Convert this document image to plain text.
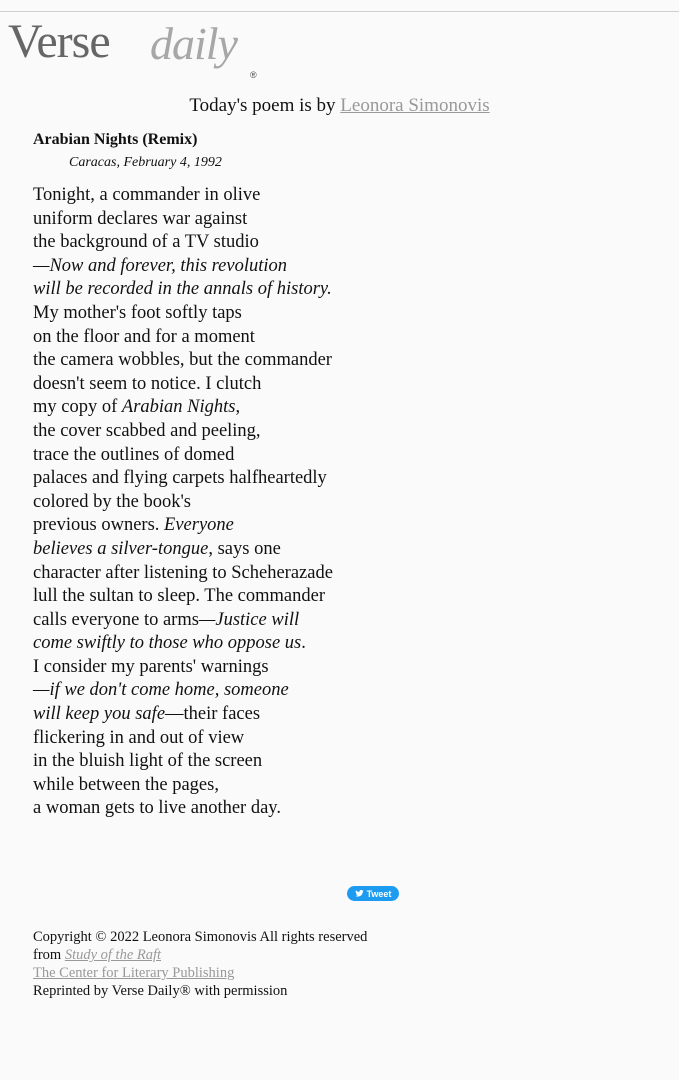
Verse daily
®
Today's poem is by Leonora Simonovis
Arabian Nights (Remix)
Caracas, February 4, 1992
Tonight, a commander in olive
uniform declares war against
the background of a TV studio
—Now and forever, this revolution
will be recorded in the annals of history.
My mother's foot softly taps
on the floor and for a moment
the camera wobbles, but the commander
doesn't seem to notice. I clutch
my copy of Arabian Nights,
the cover scabbed and peeling,
trace the outlines of domed
palaces and flying carpets halfheartedly
colored by the book's
previous owners. Everyone
believes a silver-tongue, says one
character after listening to Scheherazade
lull the sultan to sleep. The commander
calls everyone to arms—Justice will
come swiftly to those who oppose us.
I consider my parents' warnings
—if we don't come home, someone
will keep you safe—their faces
flickering in and out of view
in the bluish light of the screen
while between the pages,
a woman gets to live another day.
Tweet
Copyright © 2022 Leonora Simonovis All rights reserved
from Study of the Raft
The Center for Literary Publishing
Reprinted by Verse Daily® with permission
